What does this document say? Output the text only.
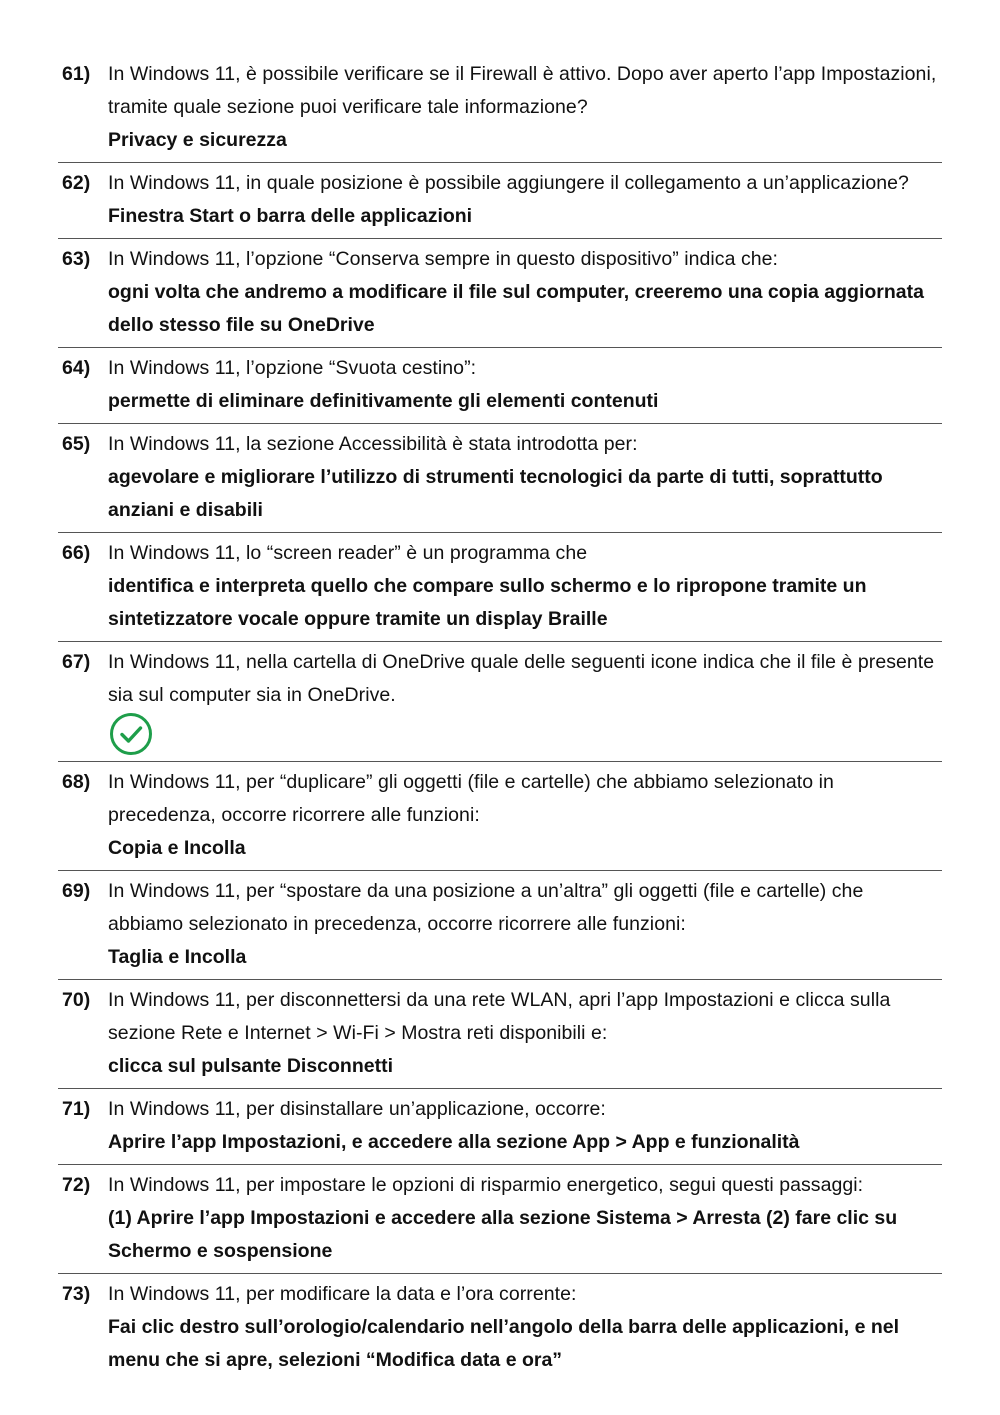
61) In Windows 11, è possibile verificare se il Firewall è attivo. Dopo aver aperto l’app Impostazioni, tramite quale sezione puoi verificare tale informazione?
Privacy e sicurezza
62) In Windows 11, in quale posizione è possibile aggiungere il collegamento a un’applicazione?
Finestra Start o barra delle applicazioni
63) In Windows 11, l’opzione “Conserva sempre in questo dispositivo” indica che:
ogni volta che andremo a modificare il file sul computer, creeremo una copia aggiornata dello stesso file su OneDrive
64) In Windows 11, l’opzione “Svuota cestino”:
permette di eliminare definitivamente gli elementi contenuti
65) In Windows 11, la sezione Accessibilità è stata introdotta per:
agevolare e migliorare l’utilizzo di strumenti tecnologici da parte di tutti, soprattutto anziani e disabili
66) In Windows 11, lo “screen reader” è un programma che
identifica e interpreta quello che compare sullo schermo e lo ripropone tramite un sintetizzatore vocale oppure tramite un display Braille
67) In Windows 11, nella cartella di OneDrive quale delle seguenti icone indica che il file è presente sia sul computer sia in OneDrive.
68) In Windows 11, per “duplicare” gli oggetti (file e cartelle) che abbiamo selezionato in precedenza, occorre ricorrere alle funzioni:
Copia e Incolla
69) In Windows 11, per “spostare da una posizione a un’altra” gli oggetti (file e cartelle) che abbiamo selezionato in precedenza, occorre ricorrere alle funzioni:
Taglia e Incolla
70) In Windows 11, per disconnettersi da una rete WLAN, apri l’app Impostazioni e clicca sulla sezione Rete e Internet > Wi-Fi > Mostra reti disponibili e:
clicca sul pulsante Disconnetti
71) In Windows 11, per disinstallare un’applicazione, occorre:
Aprire l’app Impostazioni, e accedere alla sezione App > App e funzionalità
72) In Windows 11, per impostare le opzioni di risparmio energetico, segui questi passaggi:
(1) Aprire l’app Impostazioni e accedere alla sezione Sistema > Arresta (2) fare clic su Schermo e sospensione
73) In Windows 11, per modificare la data e l’ora corrente:
Fai clic destro sull’orologio/calendario nell’angolo della barra delle applicazioni, e nel menu che si apre, selezioni “Modifica data e ora”
